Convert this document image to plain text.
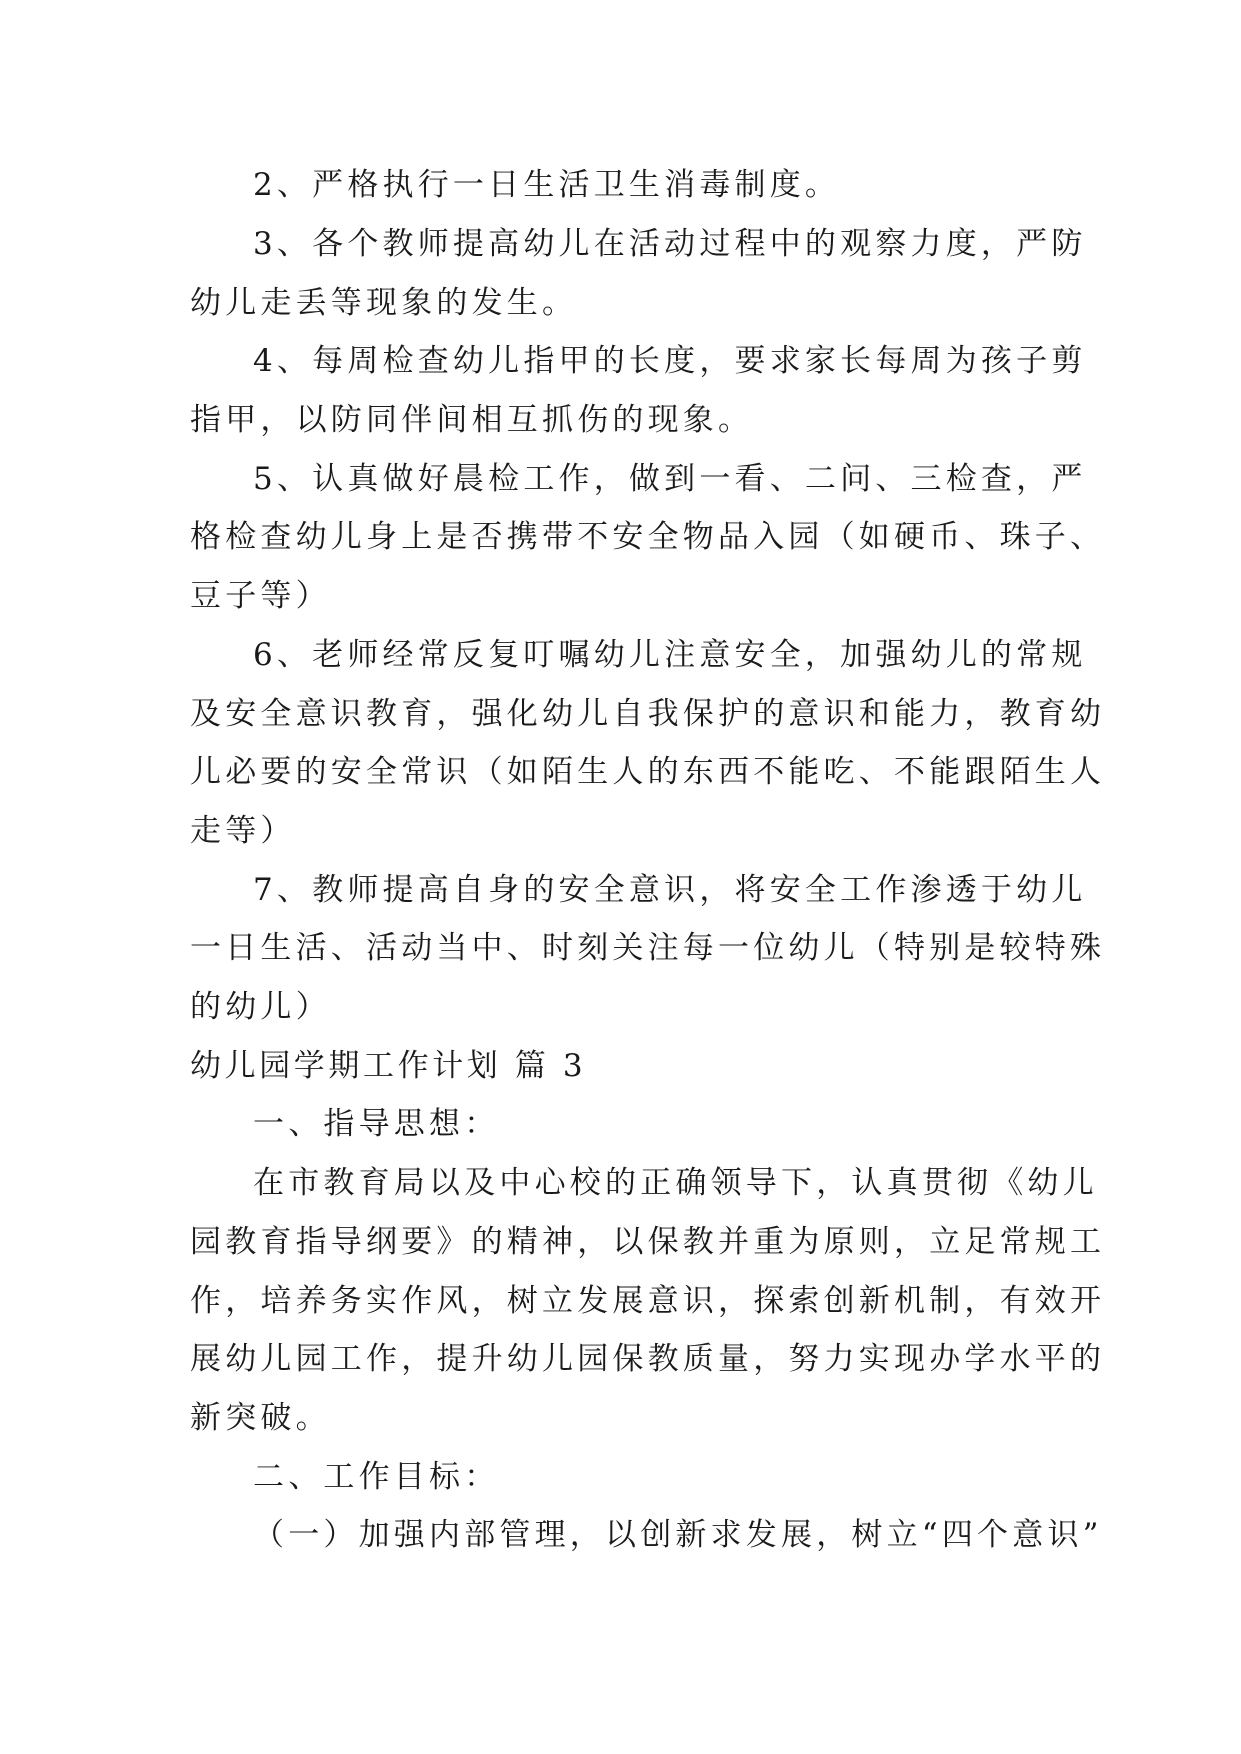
2、严格执行一日生活卫生消毒制度。
3、各个教师提高幼儿在活动过程中的观察力度，严防
幼儿走丢等现象的发生。
4、每周检查幼儿指甲的长度，要求家长每周为孩子剪
指甲，以防同伴间相互抓伤的现象。
5、认真做好晨检工作，做到一看、二问、三检查，严
格检查幼儿身上是否携带不安全物品入园（如硬币、珠子、
豆子等）
6、老师经常反复叮嘱幼儿注意安全，加强幼儿的常规
及安全意识教育，强化幼儿自我保护的意识和能力，教育幼
儿必要的安全常识（如陌生人的东西不能吃、不能跟陌生人
走等）
7、教师提高自身的安全意识，将安全工作渗透于幼儿
一日生活、活动当中、时刻关注每一位幼儿（特别是较特殊
的幼儿）
幼儿园学期工作计划 篇 3
一、指导思想：
在市教育局以及中心校的正确领导下，认真贯彻《幼儿
园教育指导纲要》的精神，以保教并重为原则，立足常规工
作，培养务实作风，树立发展意识，探索创新机制，有效开
展幼儿园工作，提升幼儿园保教质量，努力实现办学水平的
新突破。
二、工作目标：
（一）加强内部管理，以创新求发展，树立“四个意识”
